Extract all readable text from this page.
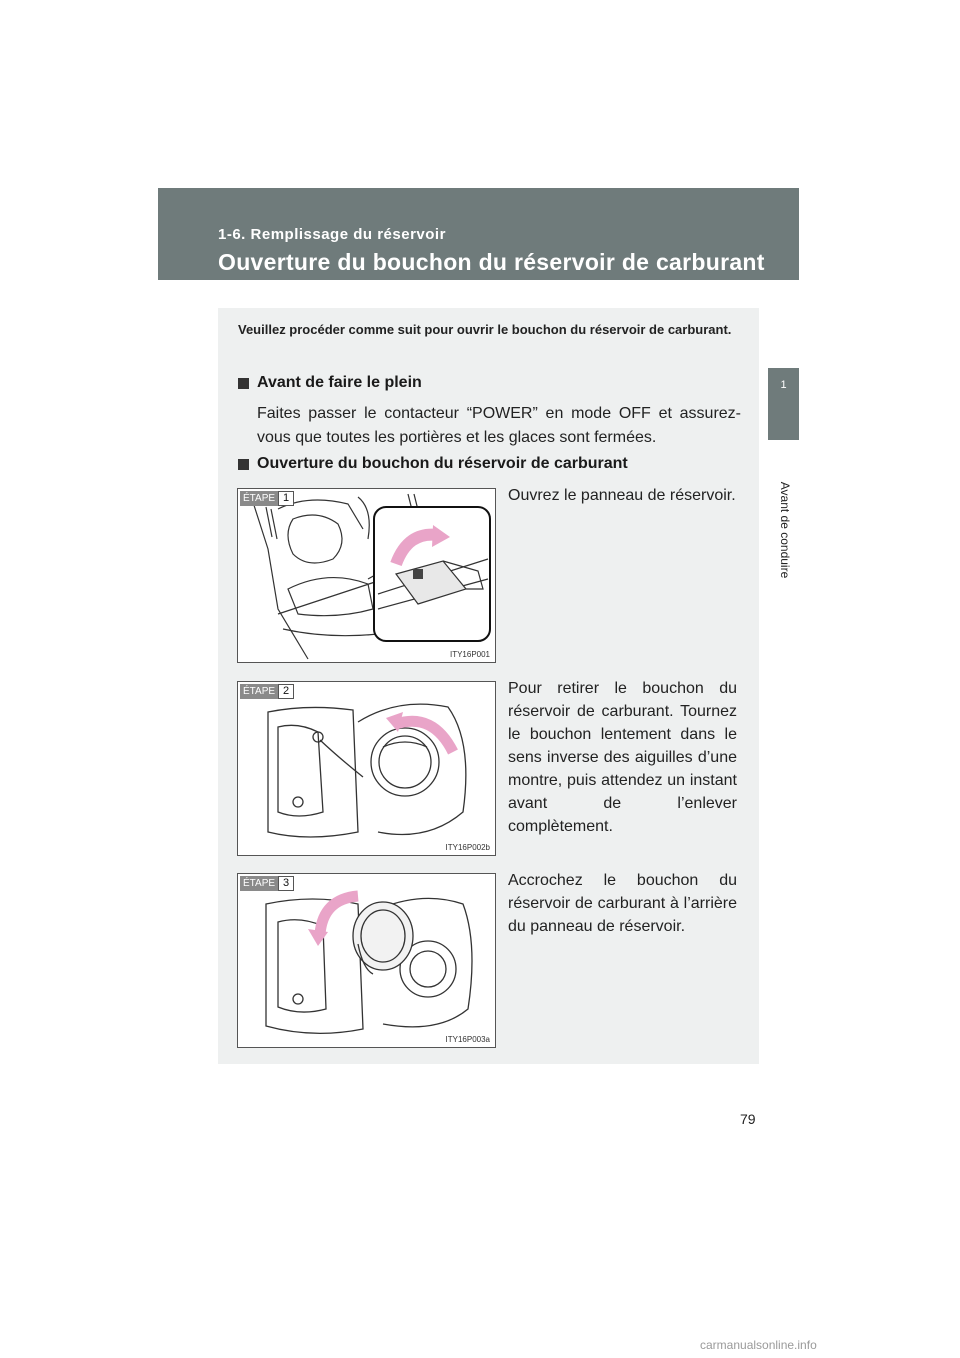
1-6. Remplissage du réservoir
Ouverture du bouchon du réservoir de carburant
1
Avant de conduire
Veuillez procéder comme suit pour ouvrir le bouchon du réservoir de carburant.
Avant de faire le plein
Faites passer le contacteur “POWER” en mode OFF et assurez-vous que toutes les portières et les glaces sont fermées.
Ouverture du bouchon du réservoir de carburant
ÉTAPE 1
ITY16P001
Ouvrez le panneau de réservoir.
ÉTAPE 2
ITY16P002b
Pour retirer le bouchon du réservoir de carburant. Tournez le bouchon lentement dans le sens inverse des aiguilles d’une montre, puis attendez un instant avant de l’enlever complètement.
ÉTAPE 3
ITY16P003a
Accrochez le bouchon du réservoir de carburant à l’arrière du panneau de réservoir.
79
carmanualsonline.info
